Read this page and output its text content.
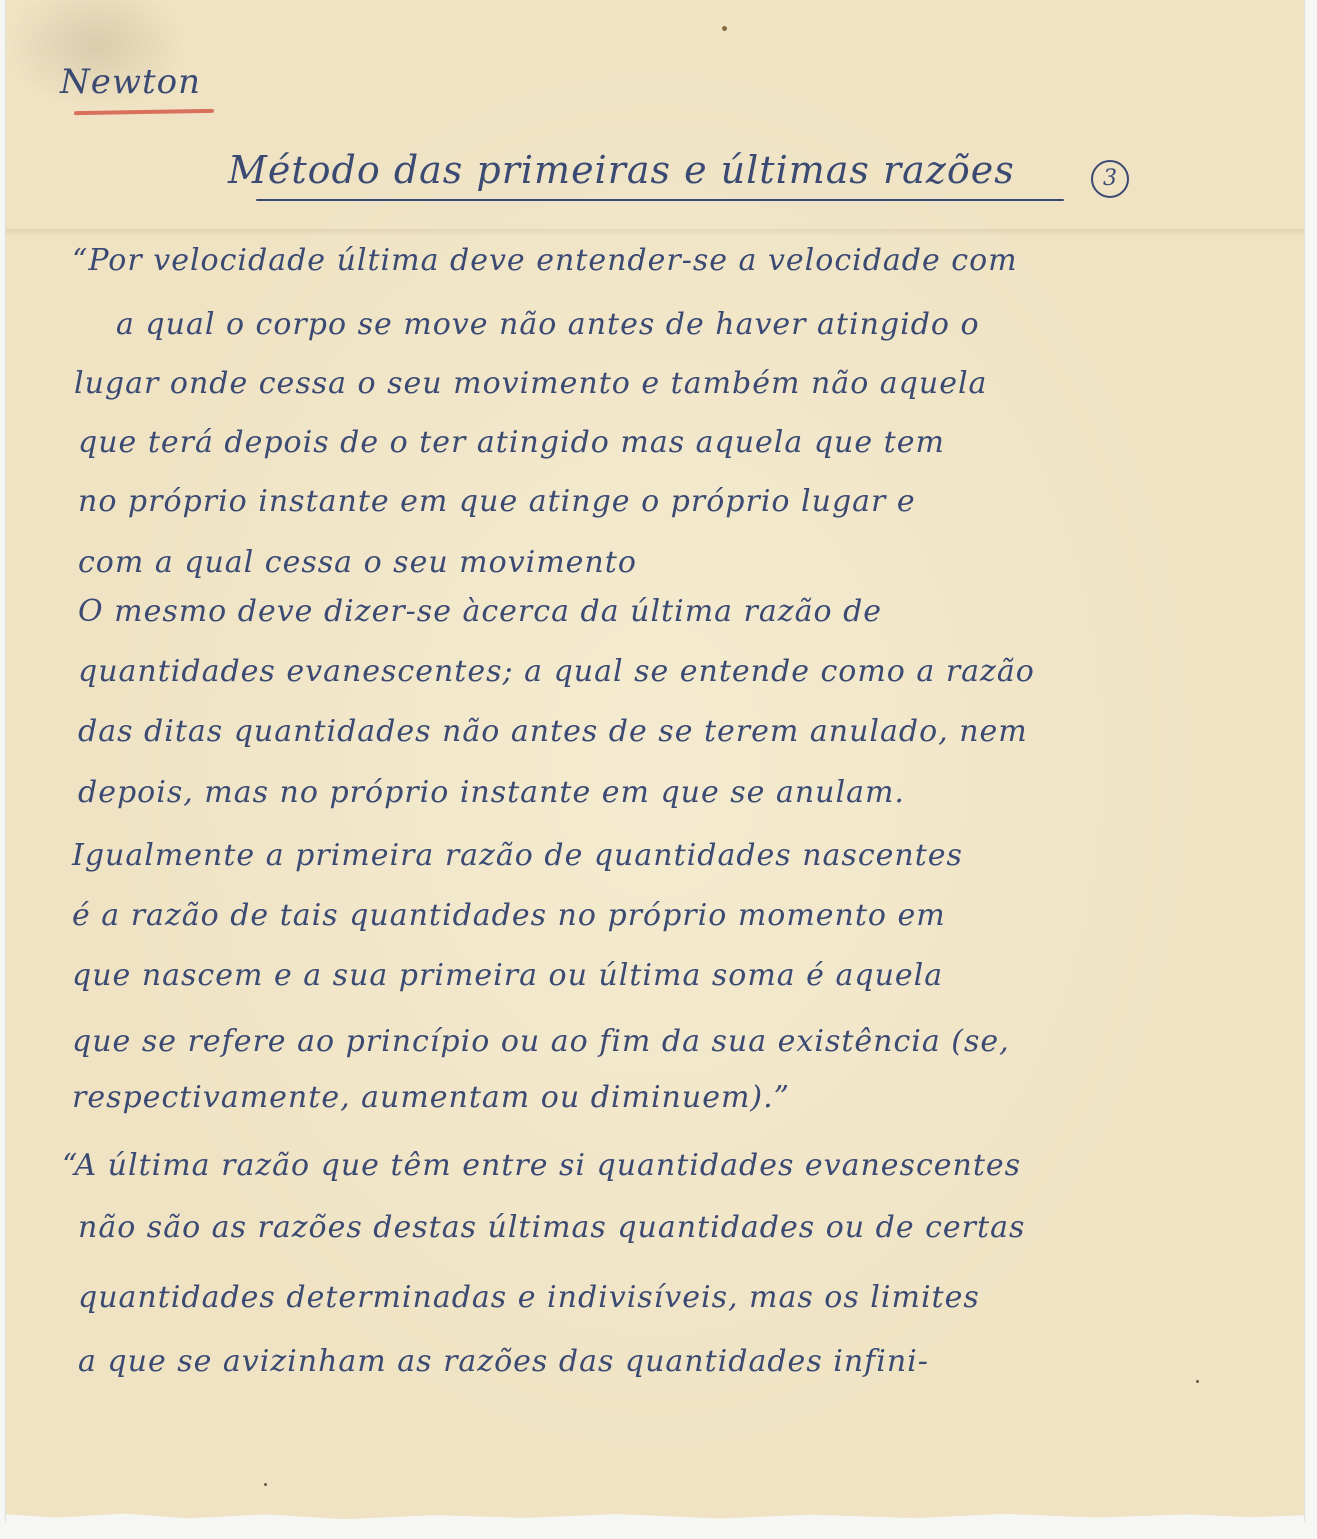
Newton
Método das primeiras e últimas razões	3
“Por velocidade última deve entender-se a velocidade com
a qual o corpo se move não antes de haver atingido o
lugar onde cessa o seu movimento e também não aquela
que terá depois de o ter atingido mas aquela que tem
no próprio instante em que atinge o próprio lugar e
com a qual cessa o seu movimento
O mesmo deve dizer-se àcerca da última razão de
quantidades evanescentes; a qual se entende como a razão
das ditas quantidades não antes de se terem anulado, nem
depois, mas no próprio instante em que se anulam.
Igualmente a primeira razão de quantidades nascentes
é a razão de tais quantidades no próprio momento em
que nascem e a sua primeira ou última soma é aquela
que se refere ao princípio ou ao fim da sua existência (se,
respectivamente, aumentam ou diminuem).”
“A última razão que têm entre si quantidades evanescentes
não são as razões destas últimas quantidades ou de certas
quantidades determinadas e indivisíveis, mas os limites
a que se avizinham as razões das quantidades infini-
